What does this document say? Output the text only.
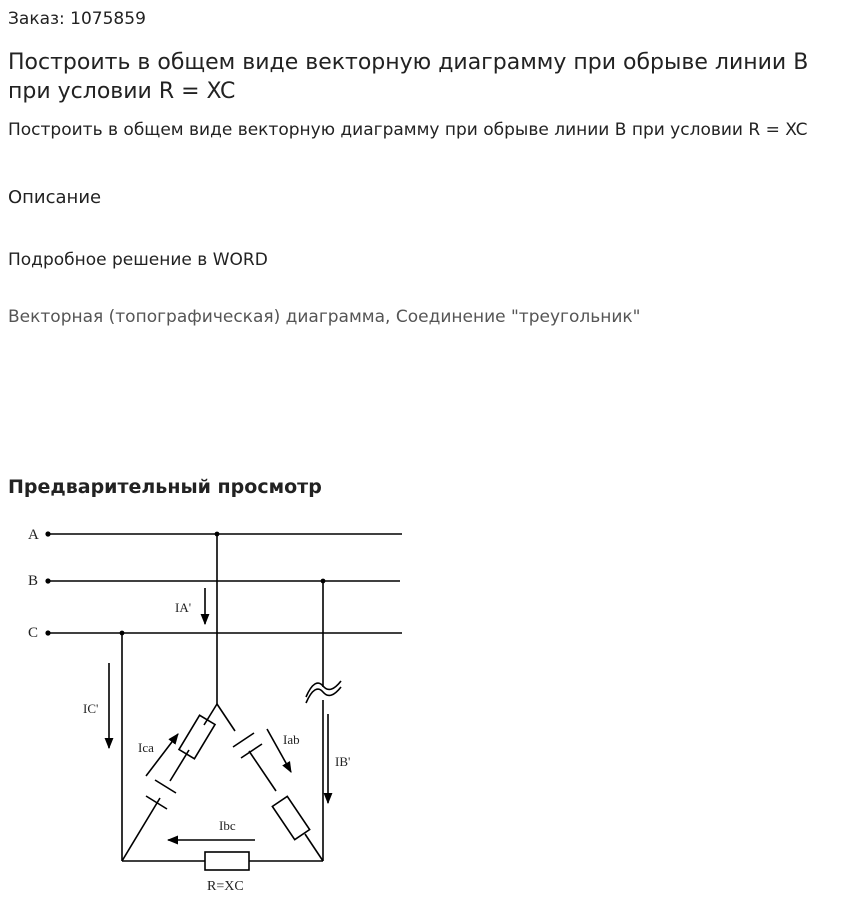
Заказ: 1075859
Построить в общем виде векторную диаграмму при обрыве линии B при условии R = XC
Построить в общем виде векторную диаграмму при обрыве линии B при условии R = XC
Описание
Подробное решение в WORD
Векторная (топографическая) диаграмма, Соединение "треугольник"
Предварительный просмотр
A
B
C
IA'
IC'
IB'
Ica
Iab
Ibc
R=XC
